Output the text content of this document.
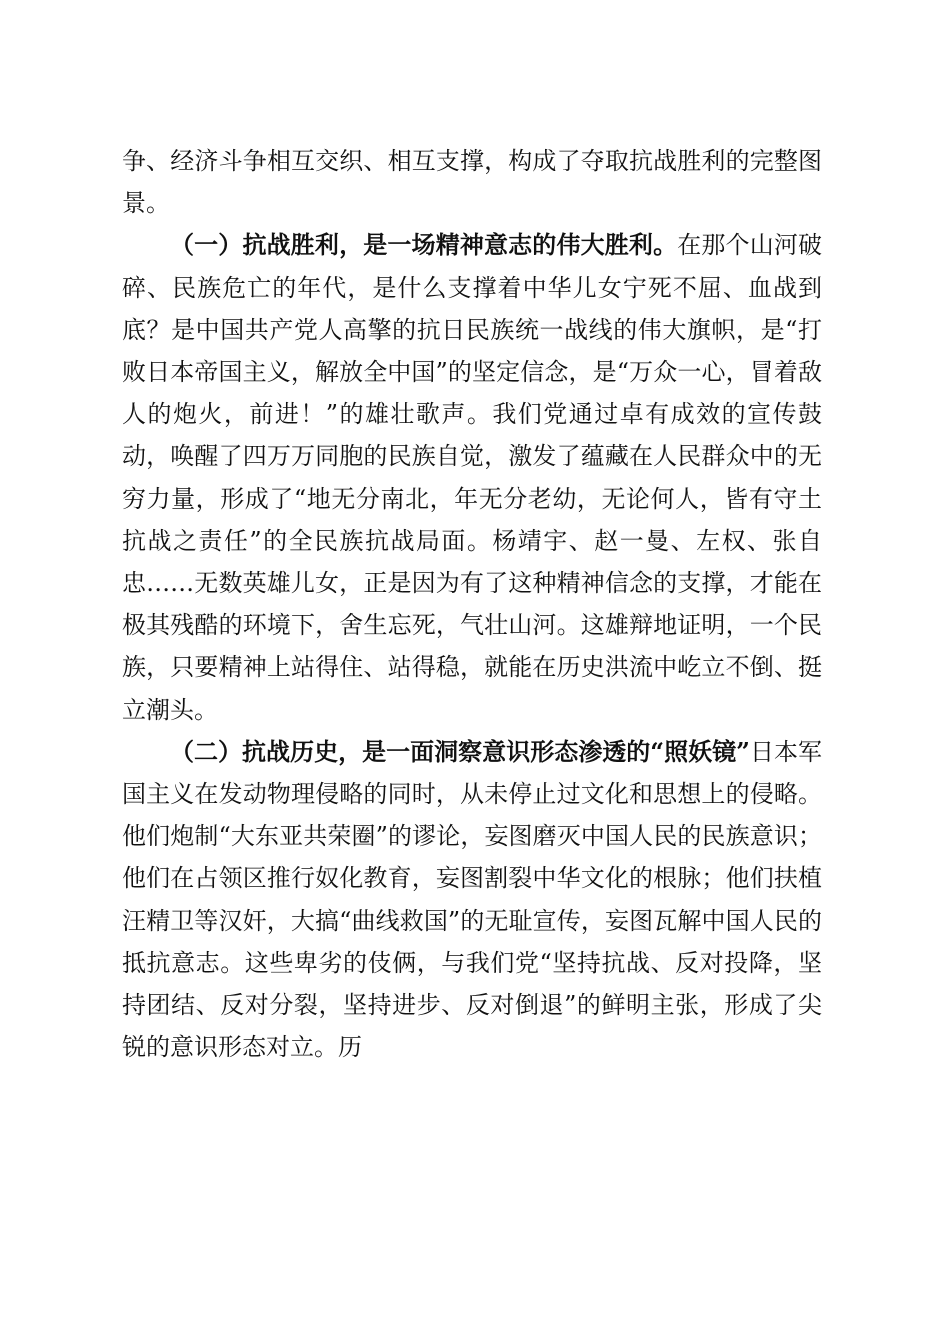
争、经济斗争相互交织、相互支撑，构成了夺取抗战胜利的完整图景。

（一）抗战胜利，是一场精神意志的伟大胜利。在那个山河破碎、民族危亡的年代，是什么支撑着中华儿女宁死不屈、血战到底？是中国共产党人高擎的抗日民族统一战线的伟大旗帜，是“打败日本帝国主义，解放全中国”的坚定信念，是“万众一心，冒着敌人的炮火，前进！”的雄壮歌声。我们党通过卓有成效的宣传鼓动，唤醒了四万万同胞的民族自觉，激发了蕴藏在人民群众中的无穷力量，形成了“地无分南北，年无分老幼，无论何人，皆有守土抗战之责任”的全民族抗战局面。杨靖宇、赵一曼、左权、张自忠……无数英雄儿女，正是因为有了这种精神信念的支撑，才能在极其残酷的环境下，舍生忘死，气壮山河。这雄辩地证明，一个民族，只要精神上站得住、站得稳，就能在历史洪流中屹立不倒、挺立潮头。

（二）抗战历史，是一面洞察意识形态渗透的“照妖镜”日本军国主义在发动物理侵略的同时，从未停止过文化和思想上的侵略。他们炮制“大东亚共荣圈”的谬论，妄图磨灭中国人民的民族意识；他们在占领区推行奴化教育，妄图割裂中华文化的根脉；他们扶植汪精卫等汉奸，大搞“曲线救国”的无耻宣传，妄图瓦解中国人民的抵抗意志。这些卑劣的伎俩，与我们党“坚持抗战、反对投降，坚持团结、反对分裂，坚持进步、反对倒退”的鲜明主张，形成了尖锐的意识形态对立。历
